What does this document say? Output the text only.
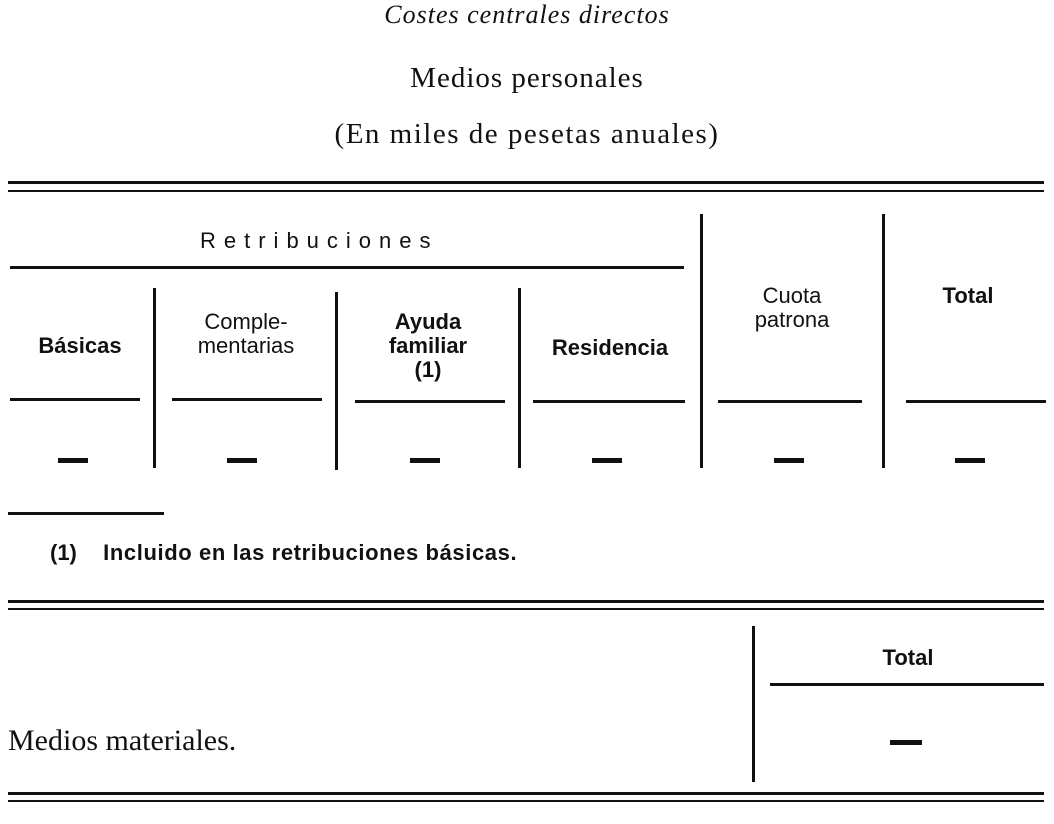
Costes centrales directos
Medios personales
(En miles de pesetas anuales)
Retribuciones
Básicas
Comple-
mentarias
Ayuda
familiar
(1)
Residencia
Cuota
patrona
Total
(1) Incluido en las retribuciones básicas.
Total
Medios materiales.
